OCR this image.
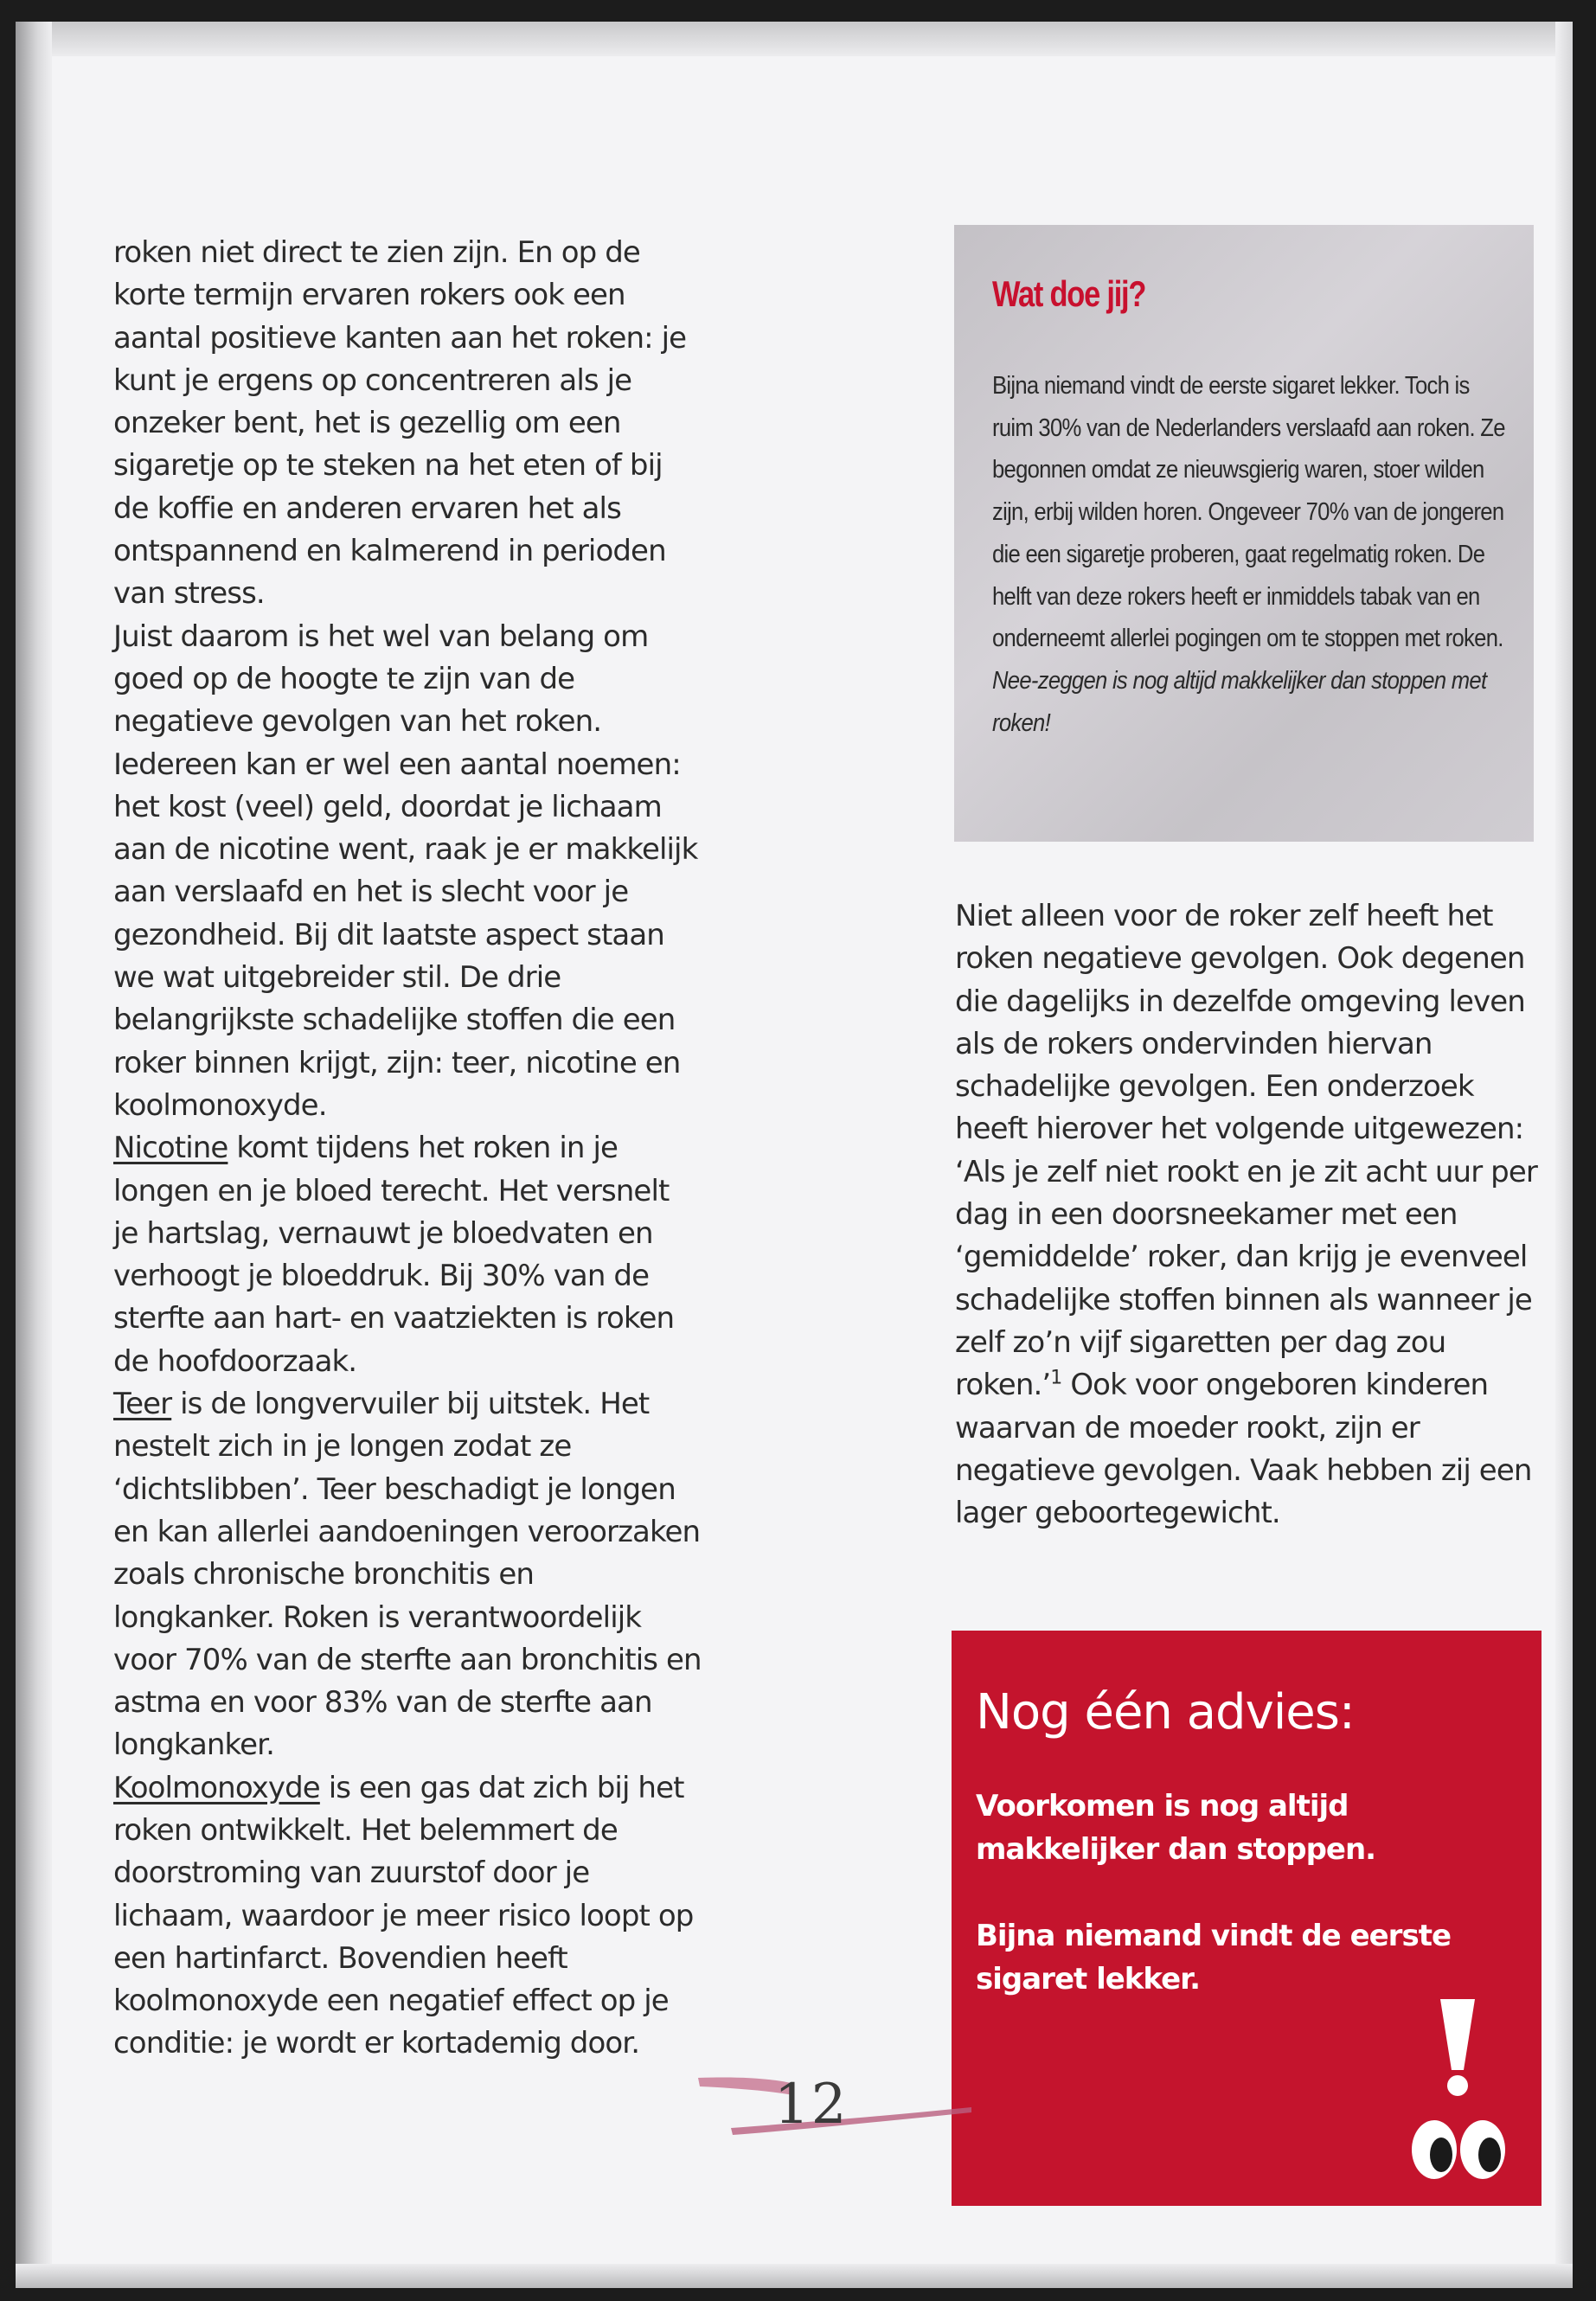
roken niet direct te zien zijn. En op de korte termijn ervaren rokers ook een aantal positieve kanten aan het roken: je kunt je ergens op concentreren als je onzeker bent, het is gezellig om een sigaretje op te steken na het eten of bij de koffie en anderen ervaren het als ontspannend en kalmerend in perioden van stress.

Juist daarom is het wel van belang om goed op de hoogte te zijn van de negatieve gevolgen van het roken. Iedereen kan er wel een aantal noemen: het kost (veel) geld, doordat je lichaam aan de nicotine went, raak je er makkelijk aan verslaafd en het is slecht voor je gezondheid. Bij dit laatste aspect staan we wat uitgebreider stil. De drie belangrijkste schadelijke stoffen die een roker binnen krijgt, zijn: teer, nicotine en koolmonoxyde.

Nicotine komt tijdens het roken in je longen en je bloed terecht. Het versnelt je hartslag, vernauwt je bloedvaten en verhoogt je bloeddruk. Bij 30% van de sterfte aan hart- en vaatziekten is roken de hoofdoorzaak.

Teer is de longvervuiler bij uitstek. Het nestelt zich in je longen zodat ze ‘dichtslibben’. Teer beschadigt je longen en kan allerlei aandoeningen veroorzaken zoals chronische bronchitis en longkanker. Roken is verantwoordelijk voor 70% van de sterfte aan bronchitis en astma en voor 83% van de sterfte aan longkanker.

Koolmonoxyde is een gas dat zich bij het roken ontwikkelt. Het belemmert de doorstroming van zuurstof door je lichaam, waardoor je meer risico loopt op een hartinfarct. Bovendien heeft koolmonoxyde een negatief effect op je conditie: je wordt er kortademig door.

Wat doe jij?

Bijna niemand vindt de eerste sigaret lekker. Toch is ruim 30% van de Nederlanders verslaafd aan roken. Ze begonnen omdat ze nieuwsgierig waren, stoer wilden zijn, erbij wilden horen. Ongeveer 70% van de jongeren die een sigaretje proberen, gaat regelmatig roken. De helft van deze rokers heeft er inmiddels tabak van en onderneemt allerlei pogingen om te stoppen met roken.

Nee-zeggen is nog altijd makkelijker dan stoppen met roken!

Niet alleen voor de roker zelf heeft het roken negatieve gevolgen. Ook degenen die dagelijks in dezelfde omgeving leven als de rokers ondervinden hiervan schadelijke gevolgen. Een onderzoek heeft hierover het volgende uitgewezen: ‘Als je zelf niet rookt en je zit acht uur per dag in een doorsneekamer met een ‘gemiddelde’ roker, dan krijg je evenveel schadelijke stoffen binnen als wanneer je zelf zo’n vijf sigaretten per dag zou roken.’$^1$ Ook voor ongeboren kinderen waarvan de moeder rookt, zijn er negatieve gevolgen. Vaak hebben zij een lager geboortegewicht.

Nog één advies:
Voorkomen is nog altijd makkelijker dan stoppen.
Bijna niemand vindt de eerste sigaret lekker.
12
